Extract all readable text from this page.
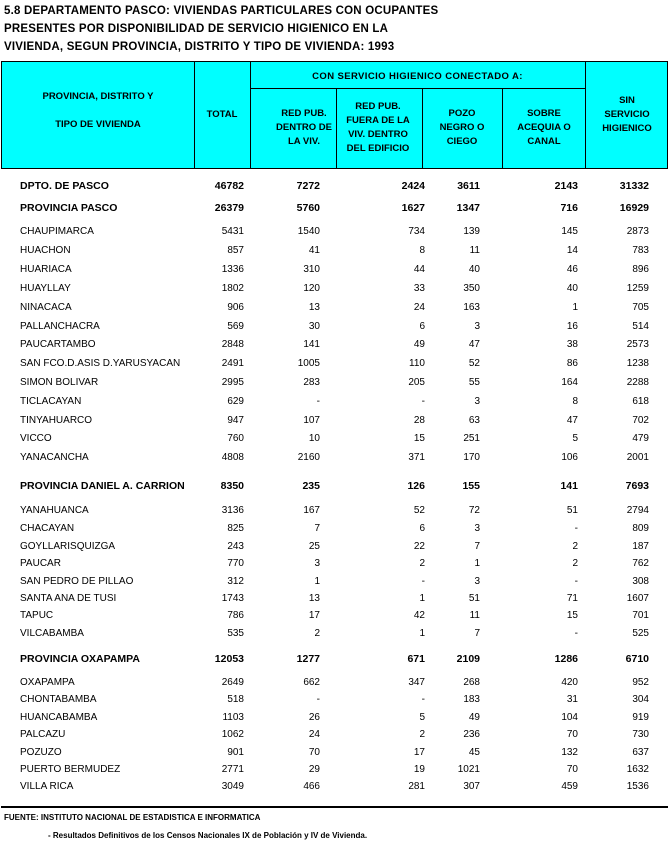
5.8 DEPARTAMENTO PASCO: VIVIENDAS PARTICULARES CON OCUPANTES
PRESENTES POR DISPONIBILIDAD DE SERVICIO HIGIENICO EN LA
VIVIENDA, SEGUN PROVINCIA, DISTRITO Y TIPO DE VIVIENDA: 1993
PROVINCIA, DISTRITO Y
TIPO DE VIVIENDA
TOTAL
CON SERVICIO HIGIENICO CONECTADO A:
RED PUB. DENTRO DE LA VIV.
RED PUB. FUERA DE LA VIV. DENTRO DEL EDIFICIO
POZO NEGRO O CIEGO
SOBRE ACEQUIA O CANAL
SIN SERVICIO HIGIENICO
DPTO. DE PASCO	46782	7272	2424	3611	2143	31332
PROVINCIA PASCO	26379	5760	1627	1347	716	16929
CHAUPIMARCA	5431	1540	734	139	145	2873
HUACHON	857	41	8	11	14	783
HUARIACA	1336	310	44	40	46	896
HUAYLLAY	1802	120	33	350	40	1259
NINACACA	906	13	24	163	1	705
PALLANCHACRA	569	30	6	3	16	514
PAUCARTAMBO	2848	141	49	47	38	2573
SAN FCO.D.ASIS D.YARUSYACAN	2491	1005	110	52	86	1238
SIMON BOLIVAR	2995	283	205	55	164	2288
TICLACAYAN	629	-	-	3	8	618
TINYAHUARCO	947	107	28	63	47	702
VICCO	760	10	15	251	5	479
YANACANCHA	4808	2160	371	170	106	2001
PROVINCIA DANIEL A. CARRION	8350	235	126	155	141	7693
YANAHUANCA	3136	167	52	72	51	2794
CHACAYAN	825	7	6	3	-	809
GOYLLARISQUIZGA	243	25	22	7	2	187
PAUCAR	770	3	2	1	2	762
SAN PEDRO DE PILLAO	312	1	-	3	-	308
SANTA ANA DE TUSI	1743	13	1	51	71	1607
TAPUC	786	17	42	11	15	701
VILCABAMBA	535	2	1	7	-	525
PROVINCIA OXAPAMPA	12053	1277	671	2109	1286	6710
OXAPAMPA	2649	662	347	268	420	952
CHONTABAMBA	518	-	-	183	31	304
HUANCABAMBA	1103	26	5	49	104	919
PALCAZU	1062	24	2	236	70	730
POZUZO	901	70	17	45	132	637
PUERTO BERMUDEZ	2771	29	19	1021	70	1632
VILLA RICA	3049	466	281	307	459	1536
FUENTE: INSTITUTO NACIONAL DE ESTADISTICA E INFORMATICA
- Resultados Definitivos de los Censos Nacionales IX de Población y IV de Vivienda.
